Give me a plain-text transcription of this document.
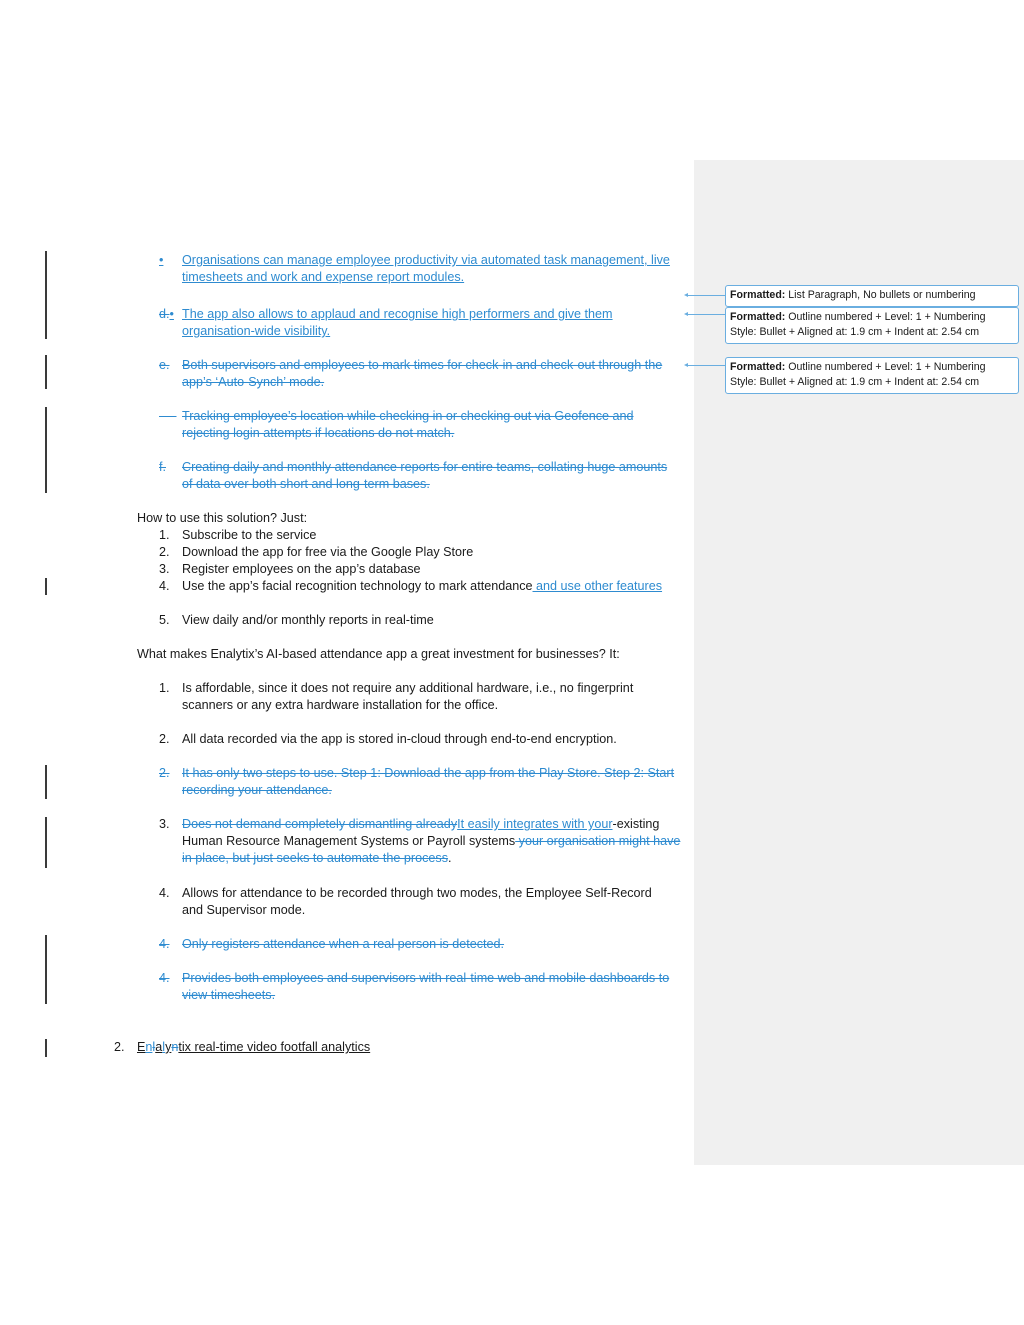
• Organisations can manage employee productivity via automated task management, live
timesheets and work and expense report modules.
d.• The app also allows to applaud and recognise high performers and give them
organisation-wide visibility.
e. Both supervisors and employees to mark times for check-in and check-out through the
app’s ‘Auto-Synch’ mode.

Tracking employee’s location while checking in or checking out via Geofence and
rejecting login attempts if locations do not match.
f. Creating daily and monthly attendance reports for entire teams, collating huge amounts
of data over both short and long-term bases.
How to use this solution? Just:
1. Subscribe to the service
2. Download the app for free via the Google Play Store
3. Register employees on the app’s database
4. Use the app’s facial recognition technology to mark attendance and use other features
5. View daily and/or monthly reports in real-time
What makes Enalytix’s AI-based attendance app a great investment for businesses? It:
1. Is affordable, since it does not require any additional hardware, i.e., no fingerprint
scanners or any extra hardware installation for the office.
2. All data recorded via the app is stored in-cloud through end-to-end encryption.
2. It has only two steps to use. Step 1: Download the app from the Play Store. Step 2: Start
recording your attendance.
3. Does not demand completely dismantling alreadyIt easily integrates with your-existing
Human Resource Management Systems or Payroll systems your organisation might have
in place, but just seeks to automate the process.
4. Allows for attendance to be recorded through two modes, the Employee Self-Record
and Supervisor mode.
4. Only registers attendance when a real person is detected.
4. Provides both employees and supervisors with real-time web and mobile dashboards to
view timesheets.
2. Enlalyntix real-time video footfall analytics
Formatted: List Paragraph, No bullets or numbering
Formatted: Outline numbered + Level: 1 + Numbering
Style: Bullet + Aligned at: 1.9 cm + Indent at: 2.54 cm
Formatted: Outline numbered + Level: 1 + Numbering
Style: Bullet + Aligned at: 1.9 cm + Indent at: 2.54 cm
